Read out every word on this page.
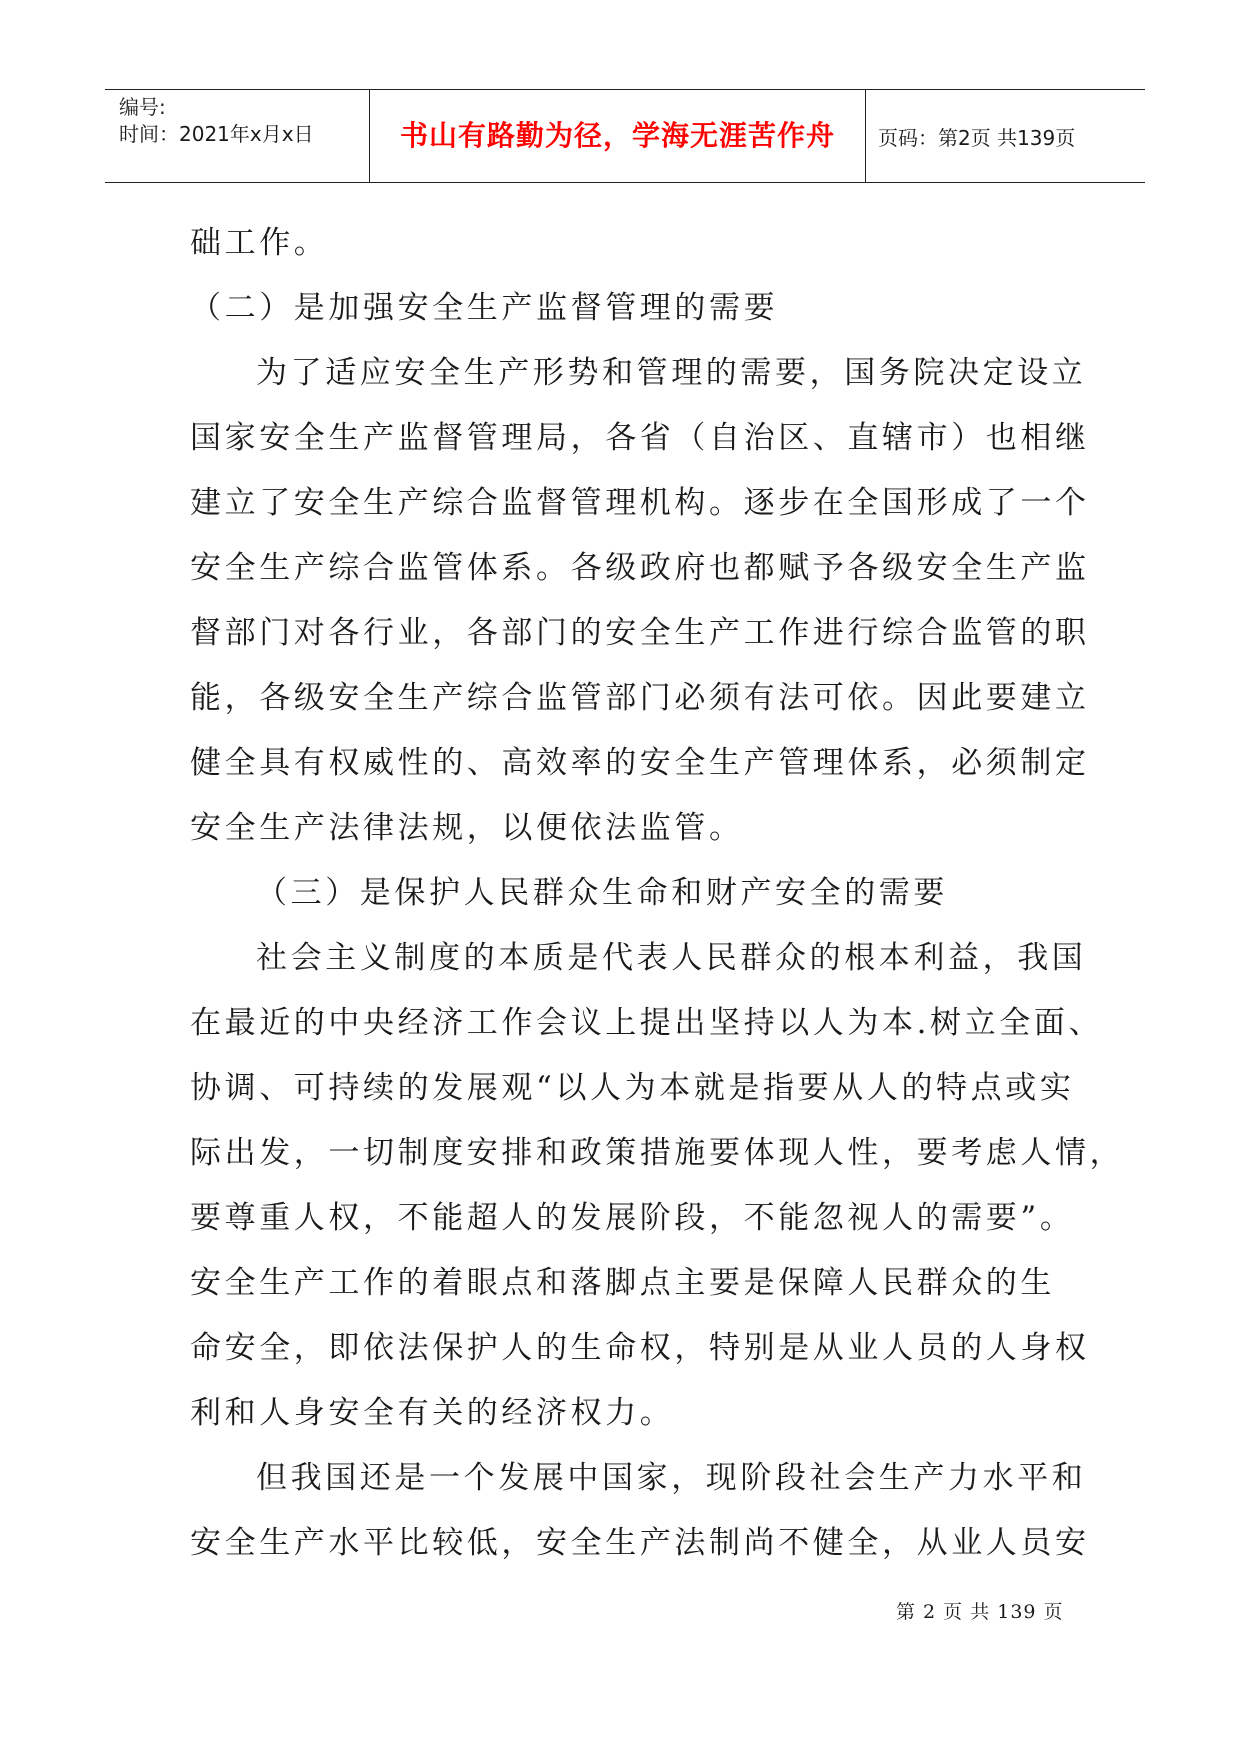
编号:
时间：2021年x月x日	书山有路勤为径，学海无涯苦作舟 页码：第2页 共139页
础工作。
（二）是加强安全生产监督管理的需要
为了适应安全生产形势和管理的需要，国务院决定设立
国家安全生产监督管理局，各省（自治区、直辖市）也相继
建立了安全生产综合监督管理机构。逐步在全国形成了一个
安全生产综合监管体系。各级政府也都赋予各级安全生产监
督部门对各行业，各部门的安全生产工作进行综合监管的职
能，各级安全生产综合监管部门必须有法可依。因此要建立
健全具有权威性的、高效率的安全生产管理体系，必须制定
安全生产法律法规，以便依法监管。
（三）是保护人民群众生命和财产安全的需要
社会主义制度的本质是代表人民群众的根本利益，我国
在最近的中央经济工作会议上提出坚持以人为本.树立全面、
协调、可持续的发展观“以人为本就是指要从人的特点或实
际出发，一切制度安排和政策措施要体现人性，要考虑人情，
要尊重人权，不能超人的发展阶段，不能忽视人的需要”。
安全生产工作的着眼点和落脚点主要是保障人民群众的生
命安全，即依法保护人的生命权，特别是从业人员的人身权
利和人身安全有关的经济权力。
但我国还是一个发展中国家，现阶段社会生产力水平和
安全生产水平比较低，安全生产法制尚不健全，从业人员安
第 2 页 共 139 页
